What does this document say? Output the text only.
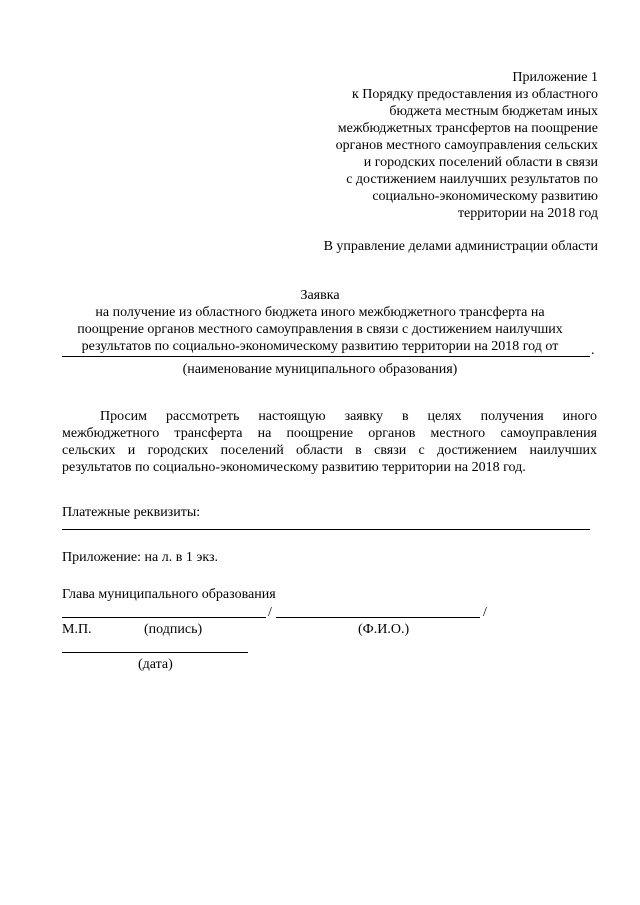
Приложение 1
к Порядку предоставления из областного
бюджета местным бюджетам иных
межбюджетных трансфертов на поощрение
органов местного самоуправления сельских
и городских поселений области в связи
с достижением наилучших результатов по
социально-экономическому развитию
территории на 2018 год
В управление делами администрации области
Заявка
на получение из областного бюджета иного межбюджетного трансферта на
поощрение органов местного самоуправления в связи с достижением наилучших
результатов по социально-экономическому развитию территории на 2018 год от	.
(наименование муниципального образования)
Просим рассмотреть настоящую заявку в целях получения иного
межбюджетного трансферта на поощрение органов местного самоуправления
сельских и городских поселений области в связи с достижением наилучших
результатов по социально-экономическому развитию территории на 2018 год.
Платежные реквизиты:
Приложение: на л. в 1 экз.
Глава муниципального образования
/	/
М.П.	(подпись)	(Ф.И.О.)
(дата)
